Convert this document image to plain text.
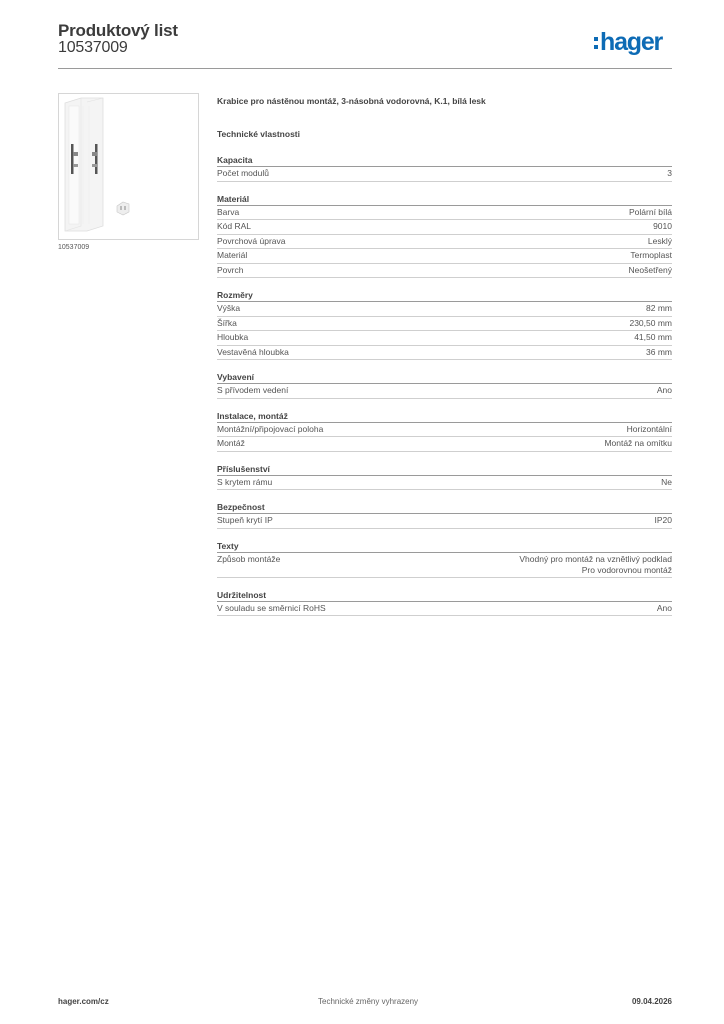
Produktový list
10537009	hager
10537009
Krabice pro nástěnou montáž, 3-násobná vodorovná, K.1, bílá lesk
Technické vlastnosti
Kapacita
Počet modulů	3
Materiál
Barva	Polární bílá
Kód RAL	9010
Povrchová úprava	Lesklý
Materiál	Termoplast
Povrch	Neošetřený
Rozměry
Výška	82 mm
Šířka	230,50 mm
Hloubka	41,50 mm
Vestavěná hloubka	36 mm
Vybavení
S přívodem vedení	Ano
Instalace, montáž
Montážní/připojovací poloha	Horizontální
Montáž	Montáž na omítku
Příslušenství
S krytem rámu	Ne
Bezpečnost
Stupeň krytí IP	IP20
Texty
Způsob montáže	Vhodný pro montáž na vznětlivý podklad
Pro vodorovnou montáž
Udržitelnost
V souladu se směrnicí RoHS	Ano
hager.com/cz	Technické změny vyhrazeny	09.04.2026
